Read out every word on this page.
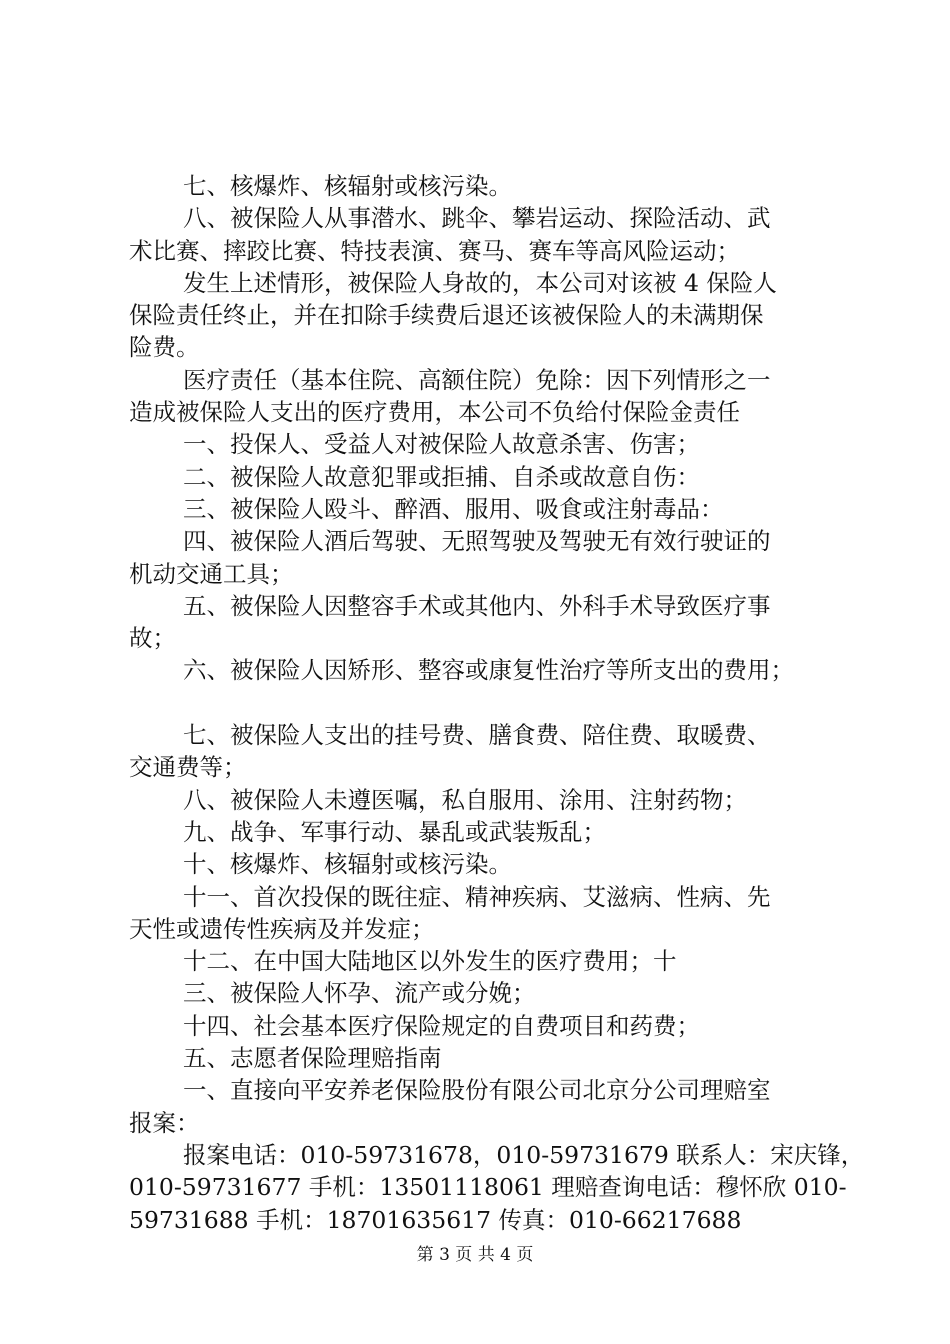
七、核爆炸、核辐射或核污染。
八、被保险人从事潜水、跳伞、攀岩运动、探险活动、武
术比赛、摔跤比赛、特技表演、赛马、赛车等高风险运动；
发生上述情形，被保险人身故的，本公司对该被 4 保险人
保险责任终止，并在扣除手续费后退还该被保险人的未满期保
险费。
医疗责任（基本住院、高额住院）免除：因下列情形之一
造成被保险人支出的医疗费用，本公司不负给付保险金责任
一、投保人、受益人对被保险人故意杀害、伤害；
二、被保险人故意犯罪或拒捕、自杀或故意自伤：
三、被保险人殴斗、醉酒、服用、吸食或注射毒品：
四、被保险人酒后驾驶、无照驾驶及驾驶无有效行驶证的
机动交通工具；
五、被保险人因整容手术或其他内、外科手术导致医疗事
故；
六、被保险人因矫形、整容或康复性治疗等所支出的费用；
七、被保险人支出的挂号费、膳食费、陪住费、取暖费、
交通费等；
八、被保险人未遵医嘱，私自服用、涂用、注射药物；
九、战争、军事行动、暴乱或武装叛乱；
十、核爆炸、核辐射或核污染。
十一、首次投保的既往症、精神疾病、艾滋病、性病、先
天性或遗传性疾病及并发症；
十二、在中国大陆地区以外发生的医疗费用；十
三、被保险人怀孕、流产或分娩；
十四、社会基本医疗保险规定的自费项目和药费；
五、志愿者保险理赔指南
一、直接向平安养老保险股份有限公司北京分公司理赔室
报案：
报案电话：010-59731678，010-59731679 联系人：宋庆锋，
010-59731677 手机：13501118061 理赔查询电话：穆怀欣 010-
59731688 手机：18701635617 传真：010-66217688
第 3 页 共 4 页
